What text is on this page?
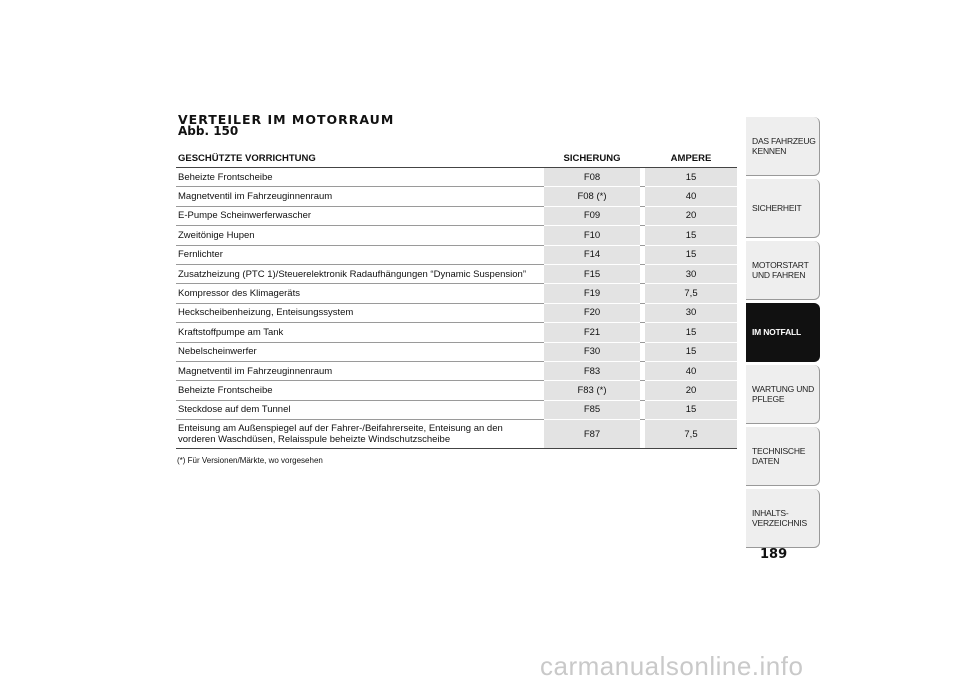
VERTEILER IM MOTORRAUM
Abb. 150
GESCHÜTZTE VORRICHTUNG		SICHERUNG		AMPERE
Beheizte Frontscheibe		F08		15
Magnetventil im Fahrzeuginnenraum		F08 (*)		40
E-Pumpe Scheinwerferwascher		F09		20
Zweitönige Hupen		F10		15
Fernlichter		F14		15
Zusatzheizung (PTC 1)/Steuerelektronik Radaufhängungen “Dynamic Suspension”		F15		30
Kompressor des Klimageräts		F19		7,5
Heckscheibenheizung, Enteisungssystem		F20		30
Kraftstoffpumpe am Tank		F21		15
Nebelscheinwerfer		F30		15
Magnetventil im Fahrzeuginnenraum		F83		40
Beheizte Frontscheibe		F83 (*)		20
Steckdose auf dem Tunnel		F85		15
Enteisung am Außenspiegel auf der Fahrer-/Beifahrerseite, Enteisung an den vorderen Waschdüsen, Relaisspule beheizte Windschutzscheibe		F87		7,5
(*) Für Versionen/Märkte, wo vorgesehen
DAS FAHRZEUG KENNEN
SICHERHEIT
MOTORSTART UND FAHREN
IM NOTFALL
WARTUNG UND PFLEGE
TECHNISCHE DATEN
INHALTS-VERZEICHNIS
189
carmanualsonline.info
